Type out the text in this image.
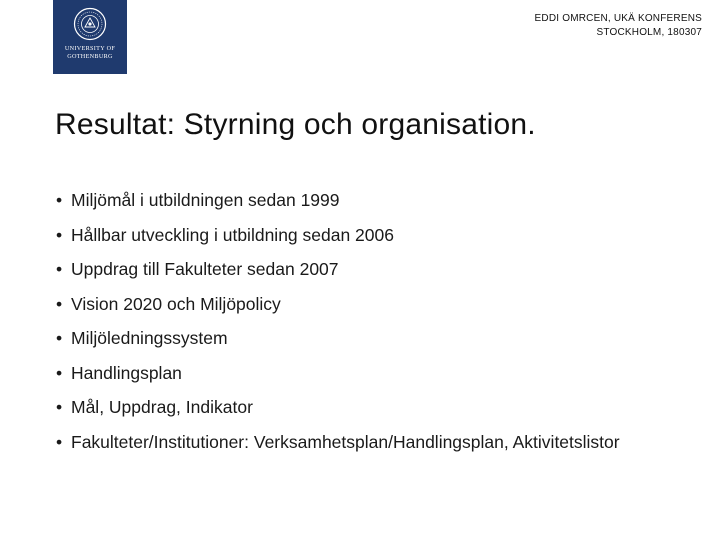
UNIVERSITY OF
GOTHENBURG
EDDI OMRCEN, UKÄ KONFERENS
STOCKHOLM, 180307
Resultat: Styrning och organisation.
• Miljömål i utbildningen sedan 1999
• Hållbar utveckling i utbildning sedan 2006
• Uppdrag till Fakulteter sedan 2007
• Vision 2020 och Miljöpolicy
• Miljöledningssystem
• Handlingsplan
• Mål, Uppdrag, Indikator
• Fakulteter/Institutioner: Verksamhetsplan/Handlingsplan, Aktivitetslistor
